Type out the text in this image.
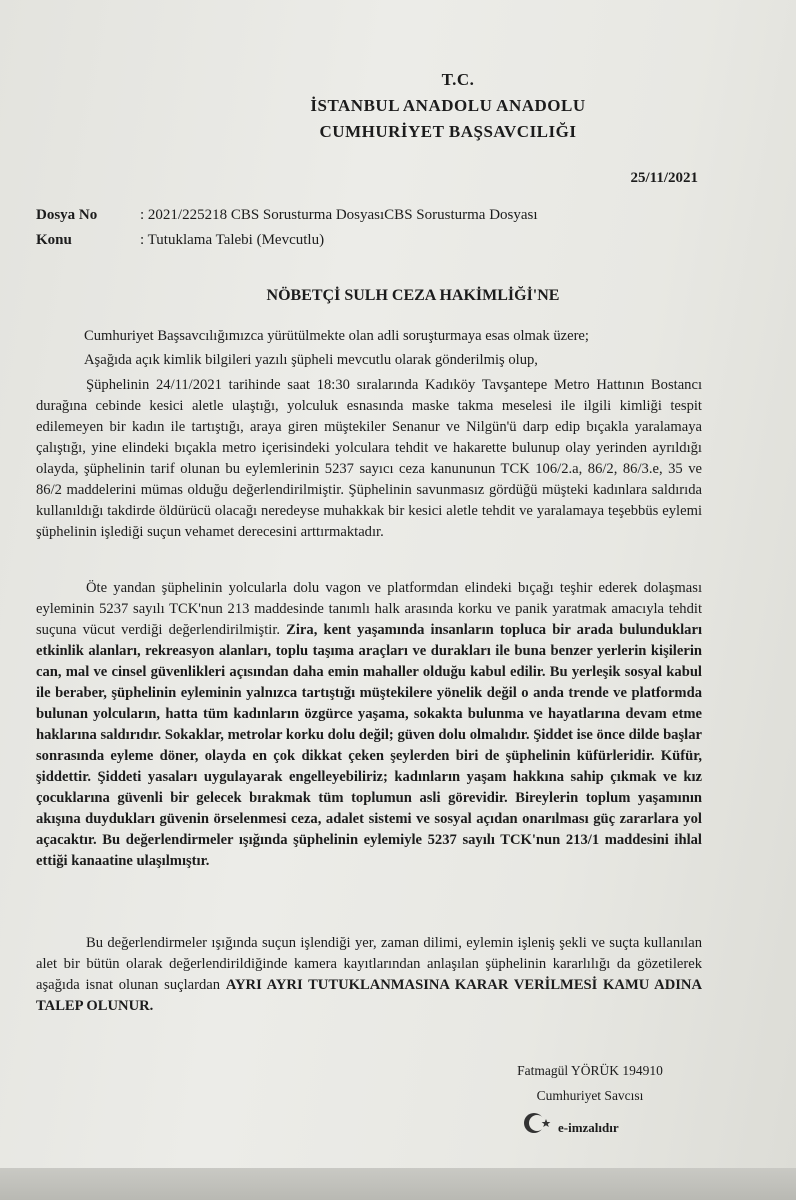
T.C.
İSTANBUL ANADOLU ANADOLU
CUMHURİYET BAŞSAVCILIĞI
25/11/2021
Dosya No	: 2021/225218 CBS Sorusturma DosyasıCBS Sorusturma Dosyası
Konu	: Tutuklama Talebi (Mevcutlu)
NÖBETÇİ SULH CEZA HAKİMLİĞİ'NE
Cumhuriyet Başsavcılığımızca yürütülmekte olan adli soruşturmaya esas olmak üzere;
Aşağıda açık kimlik bilgileri yazılı şüpheli mevcutlu olarak gönderilmiş olup,
Şüphelinin 24/11/2021 tarihinde saat 18:30 sıralarında Kadıköy Tavşantepe Metro Hattının Bostancı durağına cebinde kesici aletle ulaştığı, yolculuk esnasında maske takma meselesi ile ilgili kimliği tespit edilemeyen bir kadın ile tartıştığı, araya giren müştekiler Senanur ve Nilgün'ü darp edip bıçakla yaralamaya çalıştığı, yine elindeki bıçakla metro içerisindeki yolculara tehdit ve hakarette bulunup olay yerinden ayrıldığı olayda, şüphelinin tarif olunan bu eylemlerinin 5237 sayıcı ceza kanununun TCK 106/2.a, 86/2, 86/3.e, 35 ve 86/2 maddelerini mümas olduğu değerlendirilmiştir. Şüphelinin savunmasız gördüğü müşteki kadınlara saldırıda kullanıldığı takdirde öldürücü olacağı neredeyse muhakkak bir kesici aletle tehdit ve yaralamaya teşebbüs eylemi şüphelinin işlediği suçun vehamet derecesini arttırmaktadır.
Öte yandan şüphelinin yolcularla dolu vagon ve platformdan elindeki bıçağı teşhir ederek dolaşması eyleminin 5237 sayılı TCK'nun 213 maddesinde tanımlı halk arasında korku ve panik yaratmak amacıyla tehdit suçuna vücut verdiği değerlendirilmiştir. Zira, kent yaşamında insanların topluca bir arada bulundukları etkinlik alanları, rekreasyon alanları, toplu taşıma araçları ve durakları ile buna benzer yerlerin kişilerin can, mal ve cinsel güvenlikleri açısından daha emin mahaller olduğu kabul edilir. Bu yerleşik sosyal kabul ile beraber, şüphelinin eyleminin yalnızca tartıştığı müştekilere yönelik değil o anda trende ve platformda bulunan yolcuların, hatta tüm kadınların özgürce yaşama, sokakta bulunma ve hayatlarına devam etme haklarına saldırıdır. Sokaklar, metrolar korku dolu değil; güven dolu olmalıdır. Şiddet ise önce dilde başlar sonrasında eyleme döner, olayda en çok dikkat çeken şeylerden biri de şüphelinin küfürleridir. Küfür, şiddettir. Şiddeti yasaları uygulayarak engelleyebiliriz; kadınların yaşam hakkına sahip çıkmak ve kız çocuklarına güvenli bir gelecek bırakmak tüm toplumun asli görevidir. Bireylerin toplum yaşamının akışına duydukları güvenin örselenmesi ceza, adalet sistemi ve sosyal açıdan onarılması güç zararlara yol açacaktır. Bu değerlendirmeler ışığında şüphelinin eylemiyle 5237 sayılı TCK'nun 213/1 maddesini ihlal ettiği kanaatine ulaşılmıştır.
Bu değerlendirmeler ışığında suçun işlendiği yer, zaman dilimi, eylemin işleniş şekli ve suçta kullanılan alet bir bütün olarak değerlendirildiğinde kamera kayıtlarından anlaşılan şüphelinin kararlılığı da gözetilerek aşağıda isnat olunan suçlardan AYRI AYRI TUTUKLANMASINA KARAR VERİLMESİ KAMU ADINA TALEP OLUNUR.
Fatmagül YÖRÜK 194910
Cumhuriyet Savcısı
e-imzalıdır
